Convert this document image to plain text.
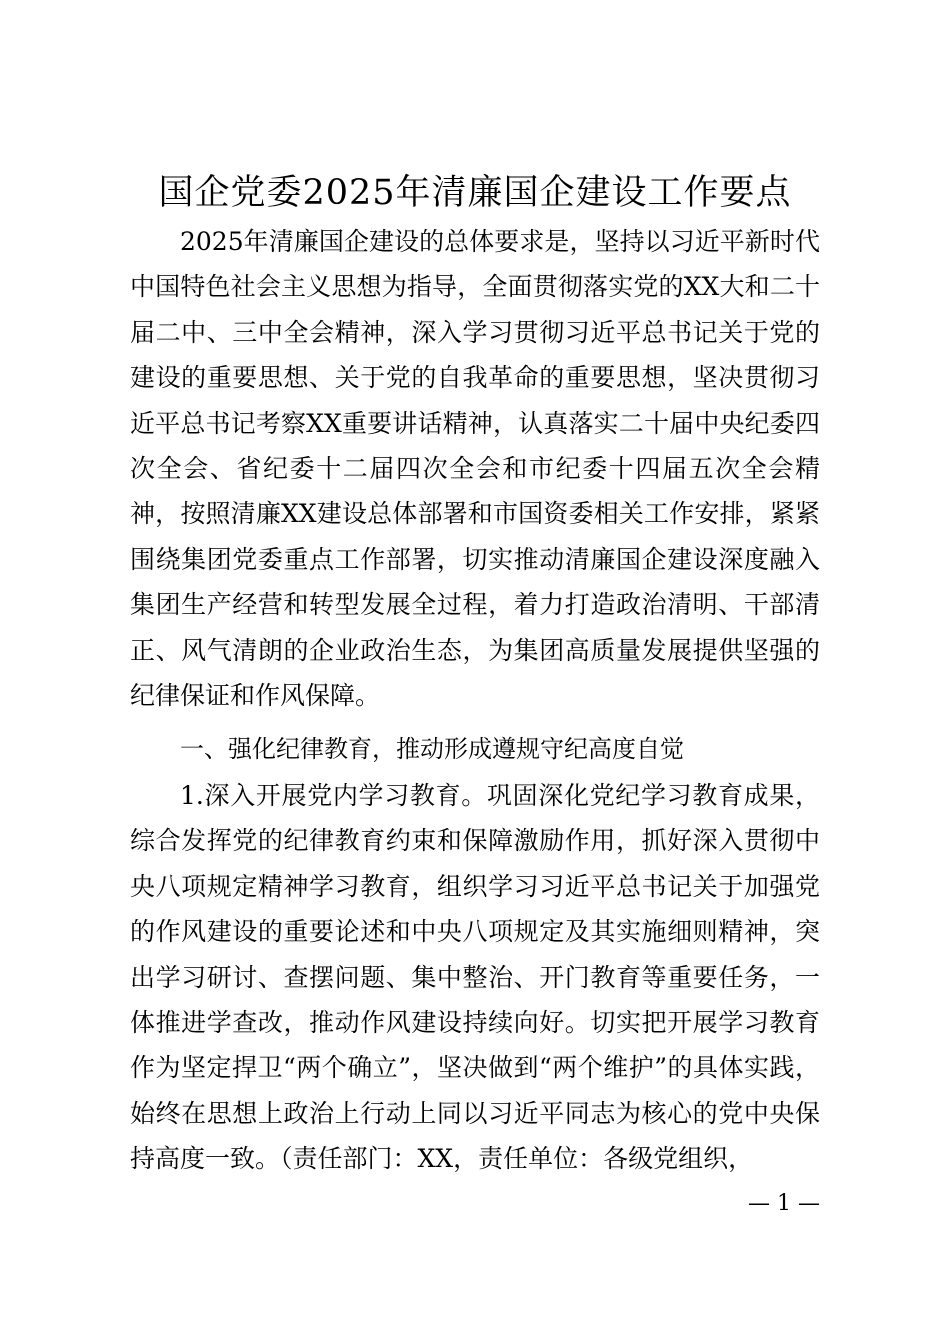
国企党委2025年清廉国企建设工作要点

2025年清廉国企建设的总体要求是，坚持以习近平新时代中国特色社会主义思想为指导，全面贯彻落实党的XX大和二十届二中、三中全会精神，深入学习贯彻习近平总书记关于党的建设的重要思想、关于党的自我革命的重要思想，坚决贯彻习近平总书记考察XX重要讲话精神，认真落实二十届中央纪委四次全会、省纪委十二届四次全会和市纪委十四届五次全会精神，按照清廉XX建设总体部署和市国资委相关工作安排，紧紧围绕集团党委重点工作部署，切实推动清廉国企建设深度融入集团生产经营和转型发展全过程，着力打造政治清明、干部清正、风气清朗的企业政治生态，为集团高质量发展提供坚强的纪律保证和作风保障。

一、强化纪律教育，推动形成遵规守纪高度自觉

1.深入开展党内学习教育。巩固深化党纪学习教育成果，综合发挥党的纪律教育约束和保障激励作用，抓好深入贯彻中央八项规定精神学习教育，组织学习习近平总书记关于加强党的作风建设的重要论述和中央八项规定及其实施细则精神，突出学习研讨、查摆问题、集中整治、开门教育等重要任务，一体推进学查改，推动作风建设持续向好。切实把开展学习教育作为坚定捍卫“两个确立”，坚决做到“两个维护”的具体实践，始终在思想上政治上行动上同以习近平同志为核心的党中央保持高度一致。（责任部门：XX，责任单位：各级党组织，

— 1 —
